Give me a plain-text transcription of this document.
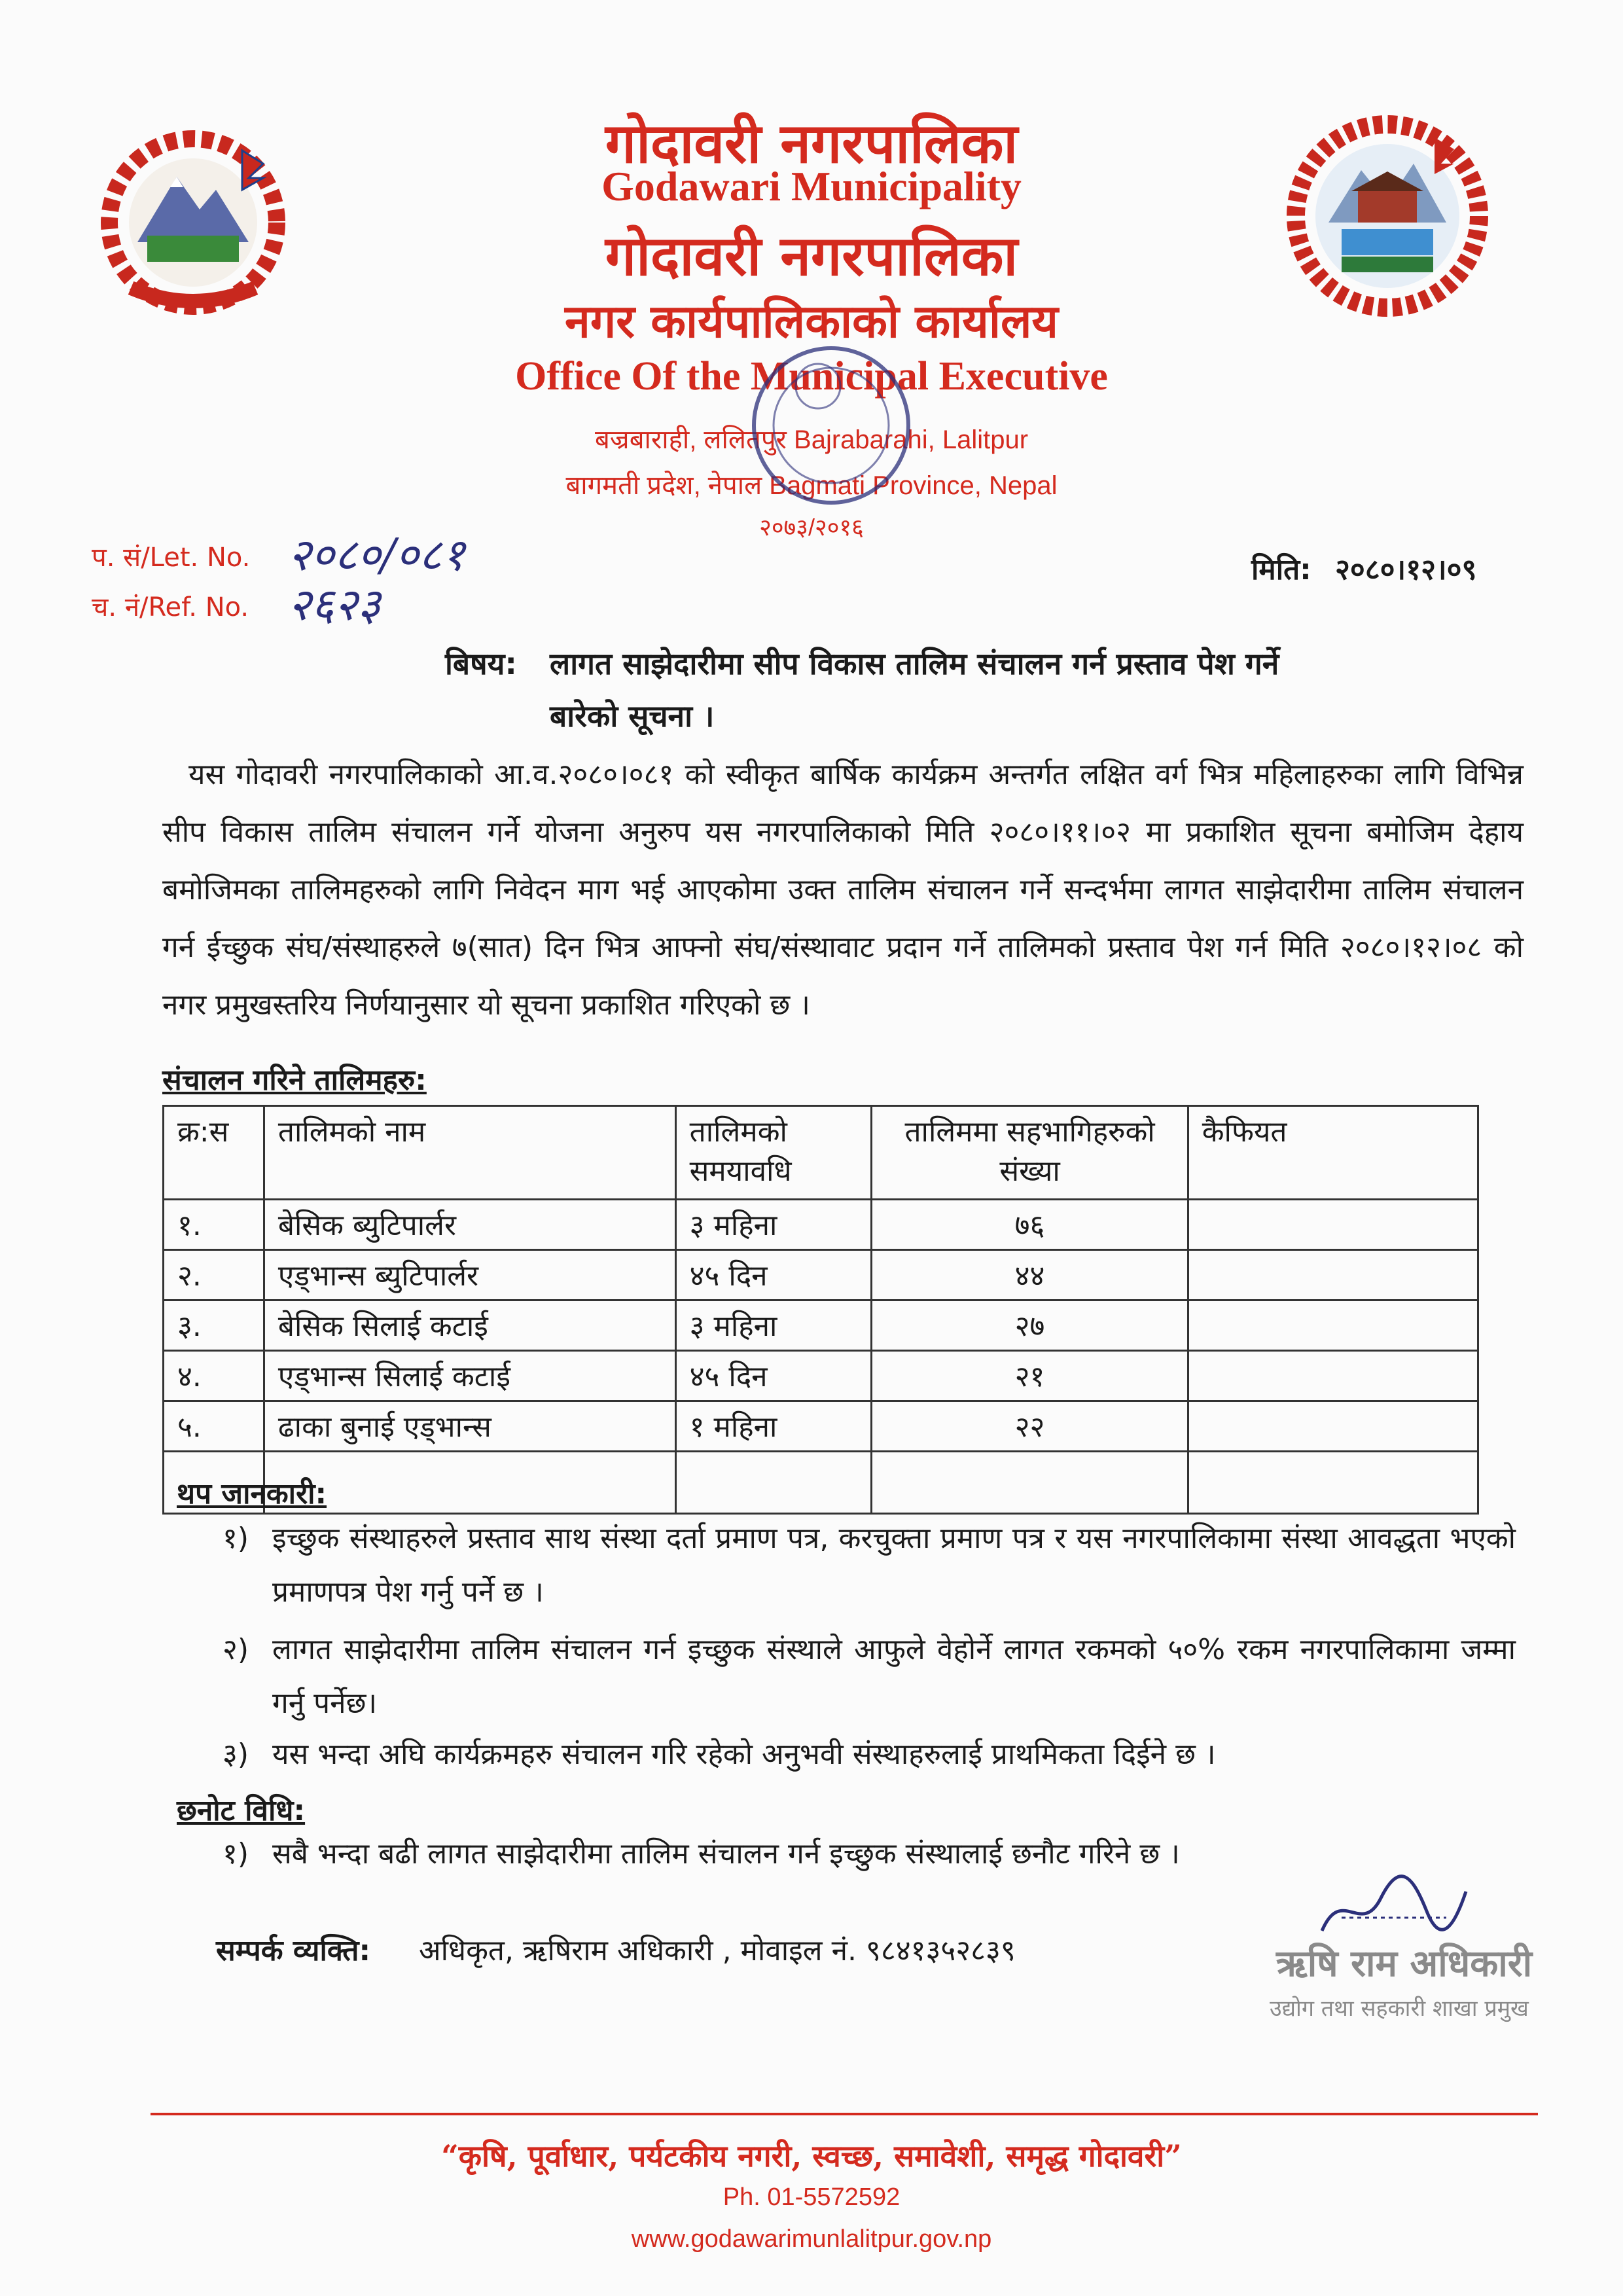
गोदावरी नगरपालिका
Godawari Municipality
गोदावरी नगरपालिका
नगर कार्यपालिकाको कार्यालय
Office Of the Municipal Executive
बज्रबाराही, ललितपुर Bajrabarahi, Lalitpur
बागमती प्रदेश, नेपाल Bagmati Province, Nepal
२०७३/२०१६
प. सं/Let. No. २०८०/०८१
च. नं/Ref. No. २६२३
मिति: २०८०।१२।०९
बिषय: लागत साझेदारीमा सीप विकास तालिम संचालन गर्न प्रस्ताव पेश गर्ने
बारेको सूचना ।
यस गोदावरी नगरपालिकाको आ.व.२०८०।०८१ को स्वीकृत बार्षिक कार्यक्रम अन्तर्गत लक्षित वर्ग भित्र महिलाहरुका लागि विभिन्न सीप विकास तालिम संचालन गर्ने योजना अनुरुप यस नगरपालिकाको मिति २०८०।११।०२ मा प्रकाशित सूचना बमोजिम देहाय बमोजिमका तालिमहरुको लागि निवेदन माग भई आएकोमा उक्त तालिम संचालन गर्ने सन्दर्भमा लागत साझेदारीमा तालिम संचालन गर्न ईच्छुक संघ/संस्थाहरुले ७(सात) दिन भित्र आफ्नो संघ/संस्थावाट प्रदान गर्ने तालिमको प्रस्ताव पेश गर्न मिति २०८०।१२।०८ को नगर प्रमुखस्तरिय निर्णयानुसार यो सूचना प्रकाशित गरिएको छ ।
संचालन गरिने तालिमहरु:
क्र:स	तालिमको नाम	तालिमको समयावधि	तालिममा सहभागिहरुको संख्या	कैफियत
१.	बेसिक ब्युटिपार्लर	३ महिना	७६	
२.	एड्भान्स ब्युटिपार्लर	४५ दिन	४४	
३.	बेसिक सिलाई कटाई	३ महिना	२७	
४.	एड्भान्स सिलाई कटाई	४५ दिन	२१	
५.	ढाका बुनाई एड्भान्स	१ महिना	२२	

थप जानकारी:
१) इच्छुक संस्थाहरुले प्रस्ताव साथ संस्था दर्ता प्रमाण पत्र, करचुक्ता प्रमाण पत्र र यस नगरपालिकामा संस्था आवद्धता भएको प्रमाणपत्र पेश गर्नु पर्ने छ ।
२) लागत साझेदारीमा तालिम संचालन गर्न इच्छुक संस्थाले आफुले वेहोर्ने लागत रकमको ५०% रकम नगरपालिकामा जम्मा गर्नु पर्नेछ।
३) यस भन्दा अघि कार्यक्रमहरु संचालन गरि रहेको अनुभवी संस्थाहरुलाई प्राथमिकता दिईने छ ।
छनोट विधि:
१) सबै भन्दा बढी लागत साझेदारीमा तालिम संचालन गर्न इच्छुक संस्थालाई छनौट गरिने छ ।
सम्पर्क व्यक्ति: अधिकृत, ऋषिराम अधिकारी , मोवाइल नं. ९८४१३५२८३९	ऋषि राम अधिकारी
उद्योग तथा सहकारी शाखा प्रमुख
“कृषि, पूर्वाधार, पर्यटकीय नगरी, स्वच्छ, समावेशी, समृद्ध गोदावरी”
Ph. 01-5572592
www.godawarimunlalitpur.gov.np
